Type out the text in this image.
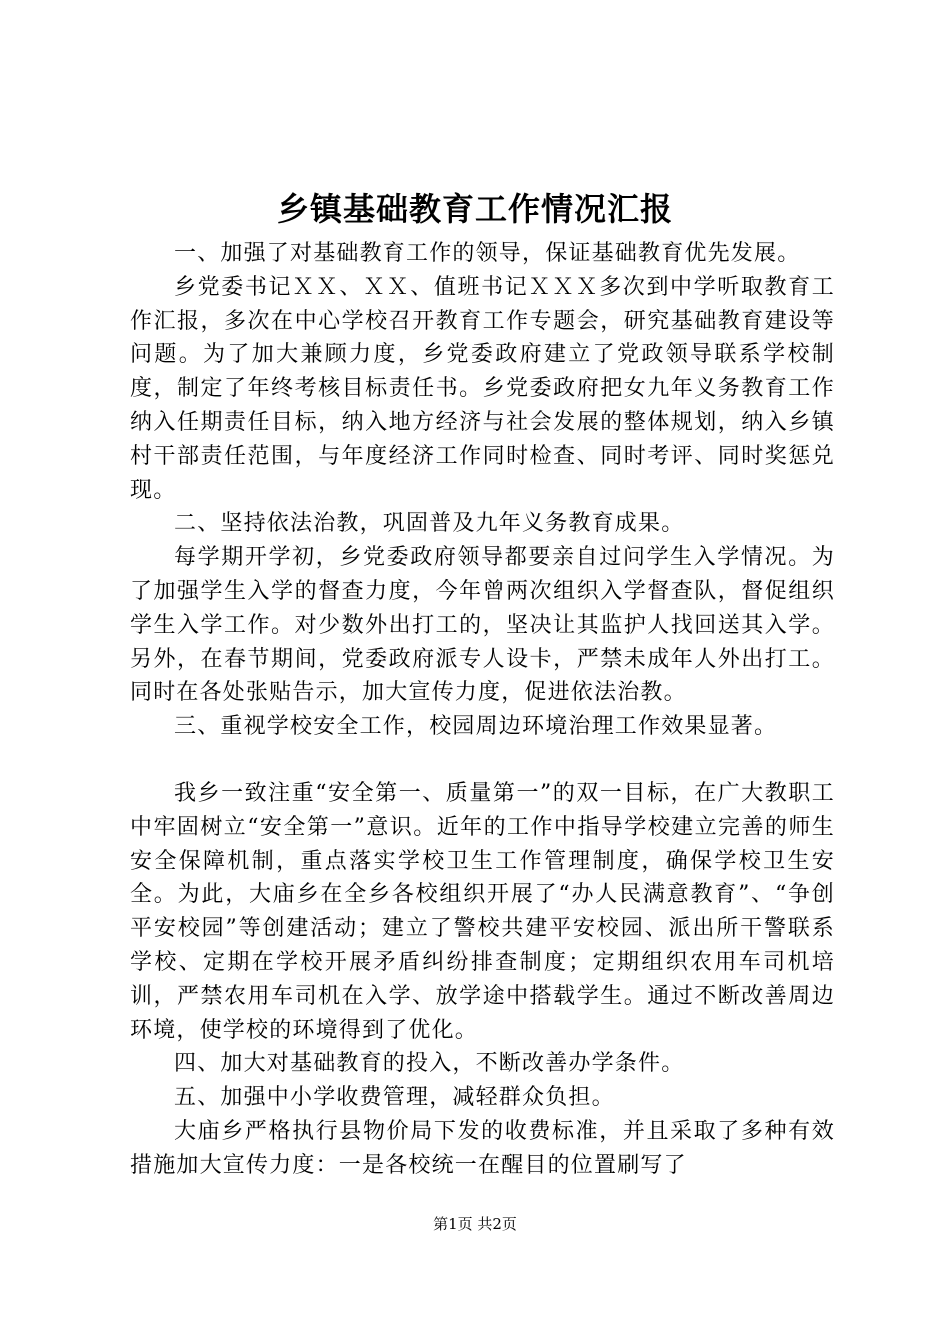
乡镇基础教育工作情况汇报

一、加强了对基础教育工作的领导，保证基础教育优先发展。

乡党委书记ＸＸ、ＸＸ、值班书记ＸＸＸ多次到中学听取教育工作汇报，多次在中心学校召开教育工作专题会，研究基础教育建设等问题。为了加大兼顾力度，乡党委政府建立了党政领导联系学校制度，制定了年终考核目标责任书。乡党委政府把女九年义务教育工作纳入任期责任目标，纳入地方经济与社会发展的整体规划，纳入乡镇村干部责任范围，与年度经济工作同时检查、同时考评、同时奖惩兑现。

二、坚持依法治教，巩固普及九年义务教育成果。

每学期开学初，乡党委政府领导都要亲自过问学生入学情况。为了加强学生入学的督查力度，今年曾两次组织入学督查队，督促组织学生入学工作。对少数外出打工的，坚决让其监护人找回送其入学。另外，在春节期间，党委政府派专人设卡，严禁未成年人外出打工。同时在各处张贴告示，加大宣传力度，促进依法治教。

三、重视学校安全工作，校园周边环境治理工作效果显著。

我乡一致注重“安全第一、质量第一”的双一目标，在广大教职工中牢固树立“安全第一”意识。近年的工作中指导学校建立完善的师生安全保障机制，重点落实学校卫生工作管理制度，确保学校卫生安全。为此，大庙乡在全乡各校组织开展了“办人民满意教育”、“争创平安校园”等创建活动；建立了警校共建平安校园、派出所干警联系学校、定期在学校开展矛盾纠纷排查制度；定期组织农用车司机培训，严禁农用车司机在入学、放学途中搭载学生。通过不断改善周边环境，使学校的环境得到了优化。

四、加大对基础教育的投入，不断改善办学条件。

五、加强中小学收费管理，减轻群众负担。

大庙乡严格执行县物价局下发的收费标准，并且采取了多种有效措施加大宣传力度：一是各校统一在醒目的位置刷写了

第1页 共2页
